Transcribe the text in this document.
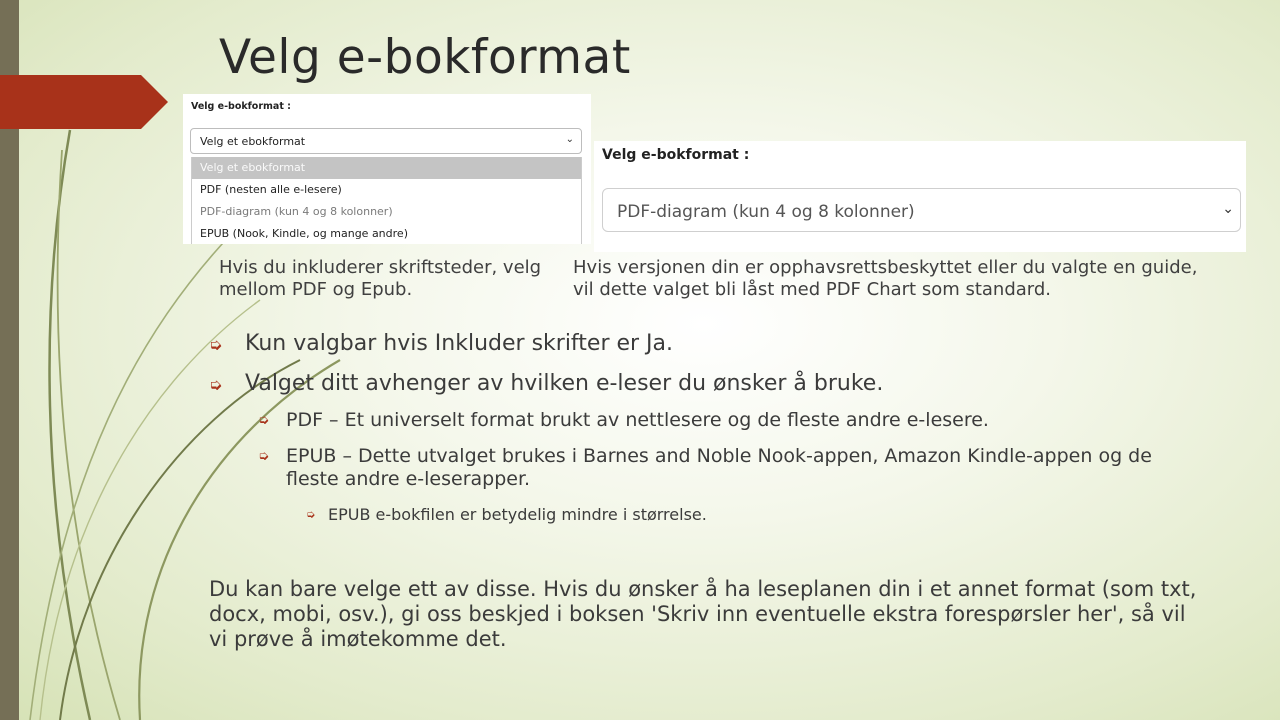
Velg e-bokformat
Velg e-bokformat :
Velg et ebokformat	⌄
Velg et ebokformat
PDF (nesten alle e-lesere)
PDF-diagram (kun 4 og 8 kolonner)
EPUB (Nook, Kindle, og mange andre)
Velg e-bokformat :
PDF-diagram (kun 4 og 8 kolonner)	⌄
Hvis du inkluderer skriftsteder, velg mellom PDF og Epub.
Hvis versjonen din er opphavsrettsbeskyttet eller du valgte en guide, vil dette valget bli låst med PDF Chart som standard.
➭ Kun valgbar hvis Inkluder skrifter er Ja.
➭ Valget ditt avhenger av hvilken e-leser du ønsker å bruke.
➭ PDF – Et universelt format brukt av nettlesere og de fleste andre e-lesere.
➭ EPUB – Dette utvalget brukes i Barnes and Noble Nook-appen, Amazon Kindle-appen og de fleste andre e-leserapper.
➭ EPUB e-bokfilen er betydelig mindre i størrelse.
Du kan bare velge ett av disse. Hvis du ønsker å ha leseplanen din i et annet format (som txt, docx, mobi, osv.), gi oss beskjed i boksen 'Skriv inn eventuelle ekstra forespørsler her', så vil vi prøve å imøtekomme det.
